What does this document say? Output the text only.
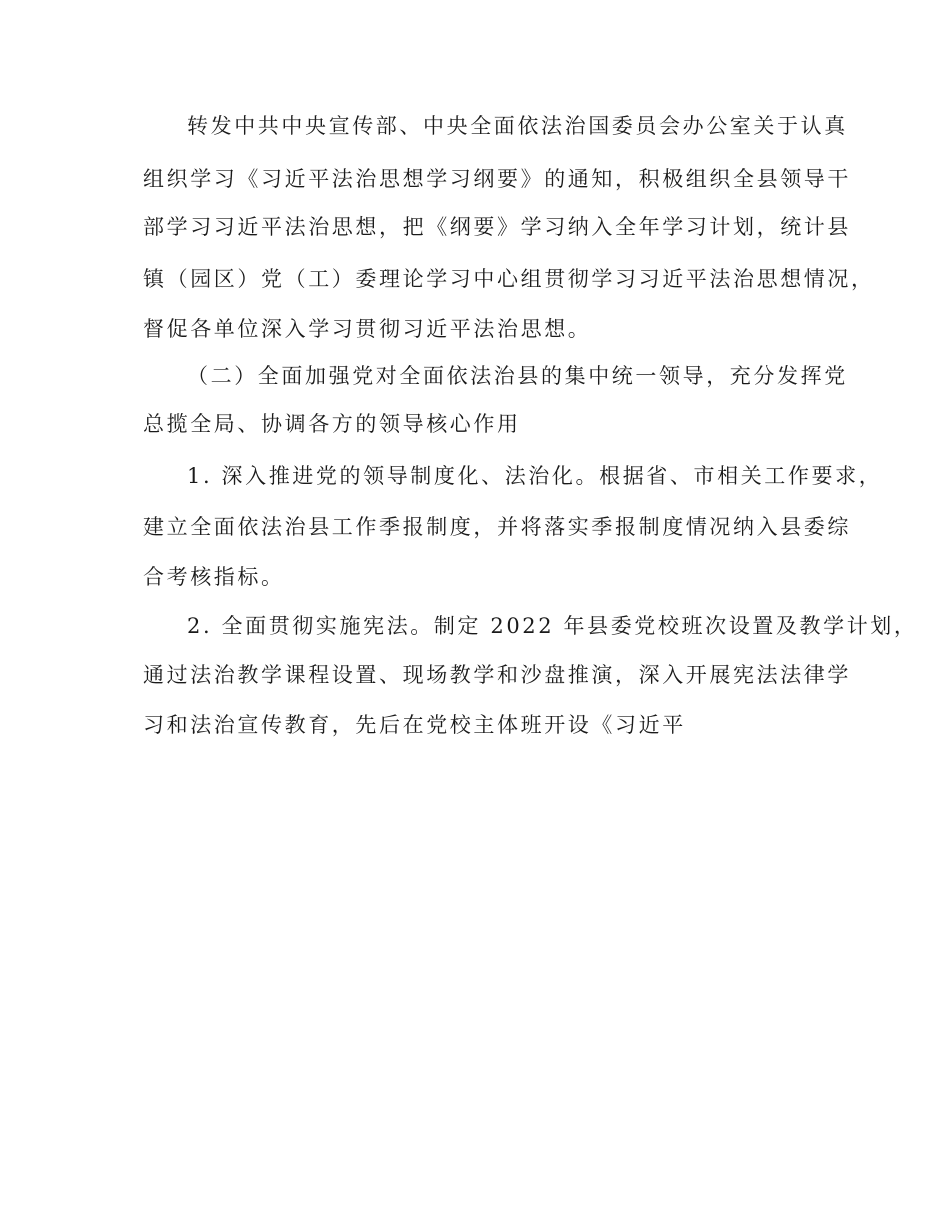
转发中共中央宣传部、中央全面依法治国委员会办公室关于认真

组织学习《习近平法治思想学习纲要》的通知，积极组织全县领导干

部学习习近平法治思想，把《纲要》学习纳入全年学习计划，统计县

镇（园区）党（工）委理论学习中心组贯彻学习习近平法治思想情况，

督促各单位深入学习贯彻习近平法治思想。

（二）全面加强党对全面依法治县的集中统一领导，充分发挥党

总揽全局、协调各方的领导核心作用

1. 深入推进党的领导制度化、法治化。根据省、市相关工作要求，

建立全面依法治县工作季报制度，并将落实季报制度情况纳入县委综

合考核指标。

2. 全面贯彻实施宪法。制定 2022 年县委党校班次设置及教学计划，

通过法治教学课程设置、现场教学和沙盘推演，深入开展宪法法律学

习和法治宣传教育，先后在党校主体班开设《习近平
